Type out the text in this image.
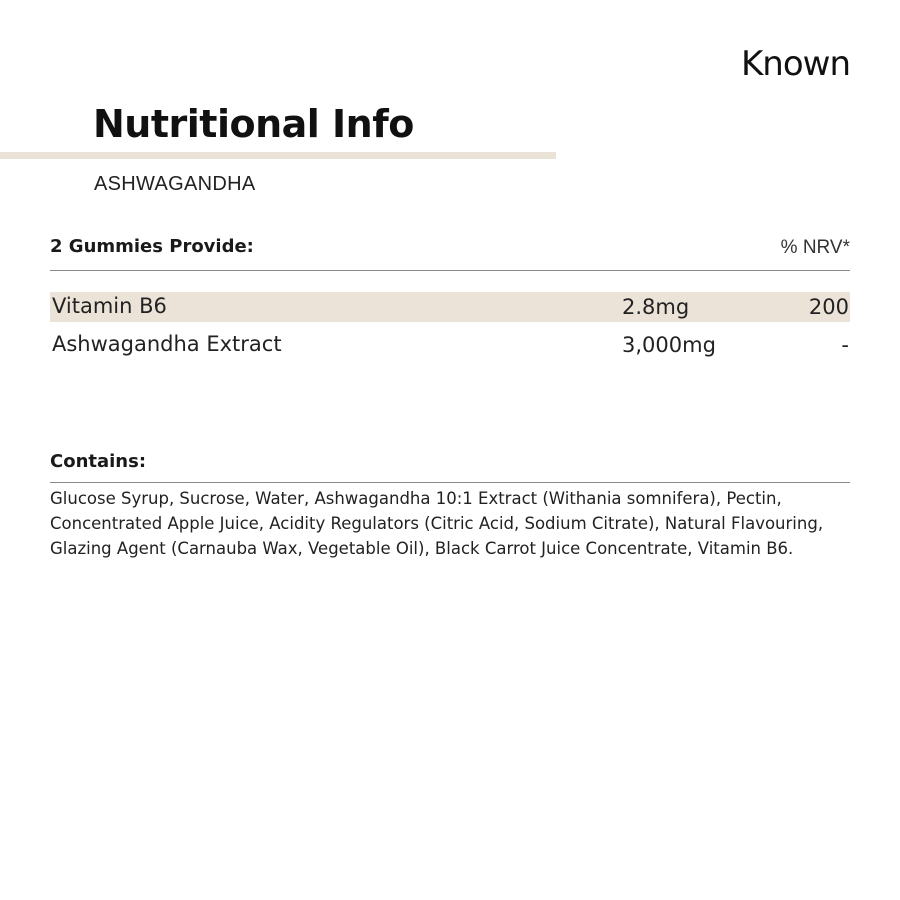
Known
Nutritional Info
ASHWAGANDHA
2 Gummies Provide:	% NRV*
Vitamin B6	2.8mg	200
Ashwagandha Extract	3,000mg	-
Contains:
Glucose Syrup, Sucrose, Water, Ashwagandha 10:1 Extract (Withania somnifera), Pectin, Concentrated Apple Juice, Acidity Regulators (Citric Acid, Sodium Citrate), Natural Flavouring, Glazing Agent (Carnauba Wax, Vegetable Oil), Black Carrot Juice Concentrate, Vitamin B6.
